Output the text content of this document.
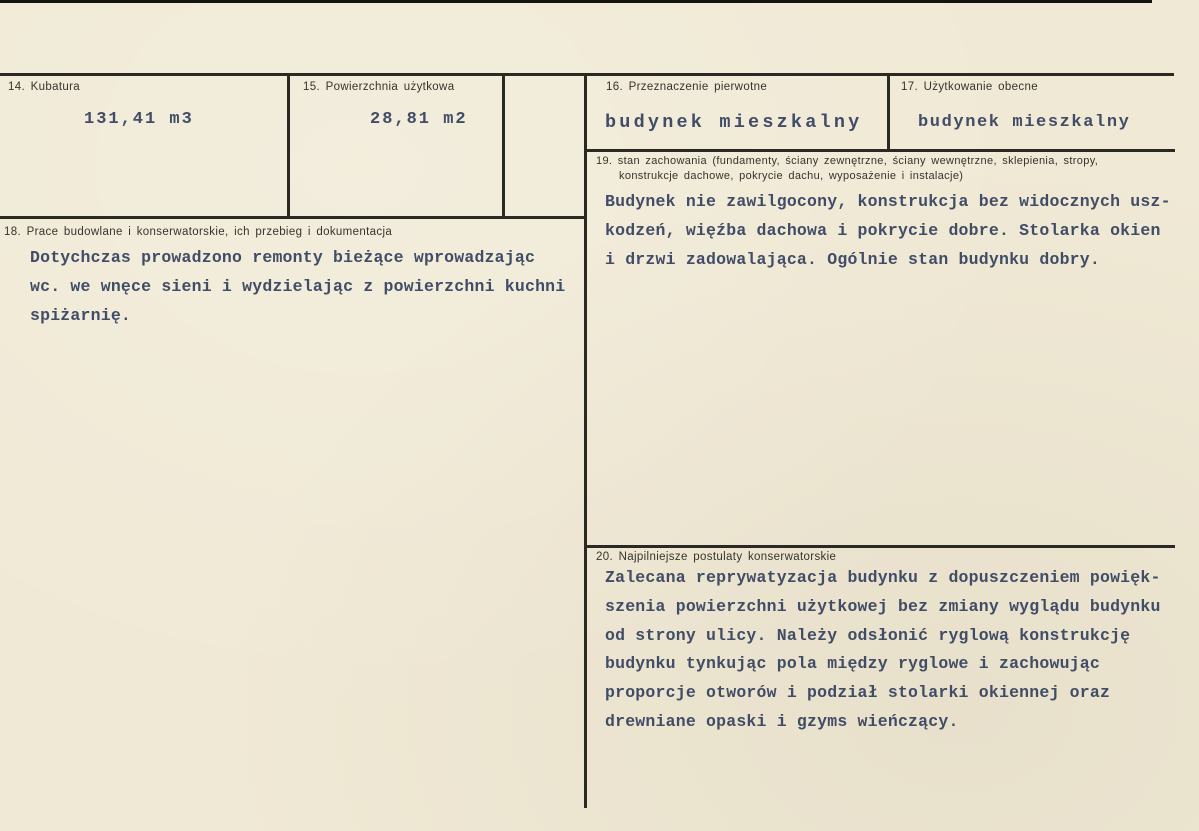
14. Kubatura
131,41 m3
15. Powierzchnia użytkowa
28,81 m2
16. Przeznaczenie pierwotne
budynek mieszkalny
17. Użytkowanie obecne
budynek mieszkalny
19. stan zachowania (fundamenty, ściany zewnętrzne, ściany wewnętrzne, sklepienia, stropy,
konstrukcje dachowe, pokrycie dachu, wyposażenie i instalacje)
Budynek nie zawilgocony, konstrukcja bez widocznych usz-
kodzeń, więźba dachowa i pokrycie dobre. Stolarka okien
i drzwi zadowalająca. Ogólnie stan budynku dobry.
18. Prace budowlane i konserwatorskie, ich przebieg i dokumentacja
Dotychczas prowadzono remonty bieżące wprowadzając
wc. we wnęce sieni i wydzielając z powierzchni kuchni
spiżarnię.
20. Najpilniejsze postulaty konserwatorskie
Zalecana reprywatyzacja budynku z dopuszczeniem powięk-
szenia powierzchni użytkowej bez zmiany wyglądu budynku
od strony ulicy. Należy odsłonić ryglową konstrukcję
budynku tynkując pola między ryglowe i zachowując
proporcje otworów i podział stolarki okiennej oraz
drewniane opaski i gzyms wieńczący.
